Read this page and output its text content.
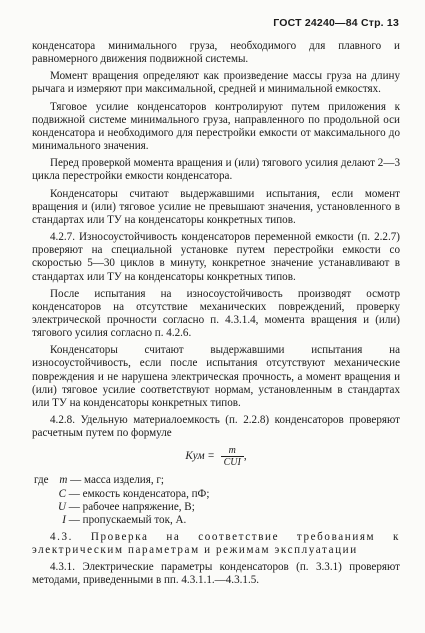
ГОСТ 24240—84 Стр. 13

конденсатора минимального груза, необходимого для плавного и равномерного движения подвижной системы.

Момент вращения определяют как произведение массы груза на длину рычага и измеряют при максимальной, средней и минимальной емкостях.

Тяговое усилие конденсаторов контролируют путем приложения к подвижной системе минимального груза, направленного по продольной оси конденсатора и необходимого для перестройки емкости от максимального до минимального значения.

Перед проверкой момента вращения и (или) тягового усилия делают 2—3 цикла перестройки емкости конденсатора.

Конденсаторы считают выдержавшими испытания, если момент вращения и (или) тяговое усилие не превышают значения, установленного в стандартах или ТУ на конденсаторы конкретных типов.

4.2.7. Износоустойчивость конденсаторов переменной емкости (п. 2.2.7) проверяют на специальной установке путем перестройки емкости со скоростью 5—30 циклов в минуту, конкретное значение устанавливают в стандартах или ТУ на конденсаторы конкретных типов.

После испытания на износоустойчивость производят осмотр конденсаторов на отсутствие механических повреждений, проверку электрической прочности согласно п. 4.3.1.4, момента вращения и (или) тягового усилия согласно п. 4.2.6.

Конденсаторы считают выдержавшими испытания на износоустойчивость, если после испытания отсутствуют механические повреждения и не нарушена электрическая прочность, а момент вращения и (или) тяговое усилие соответствуют нормам, установленным в стандартах или ТУ на конденсаторы конкретных типов.

4.2.8. Удельную материалоемкость (п. 2.2.8) конденсаторов проверяют расчетным путем по формуле

Kум = $\frac{m}{\text{CUI}}$ ,
где m — масса изделия, г;
C — емкость конденсатора, пФ;
U — рабочее напряжение, В;
I — пропускаемый ток, А.

4.3. Проверка на соответствие требованиям к электрическим параметрам и режимам эксплуатации

4.3.1. Электрические параметры конденсаторов (п. 3.3.1) проверяют методами, приведенными в пп. 4.3.1.1.—4.3.1.5.
